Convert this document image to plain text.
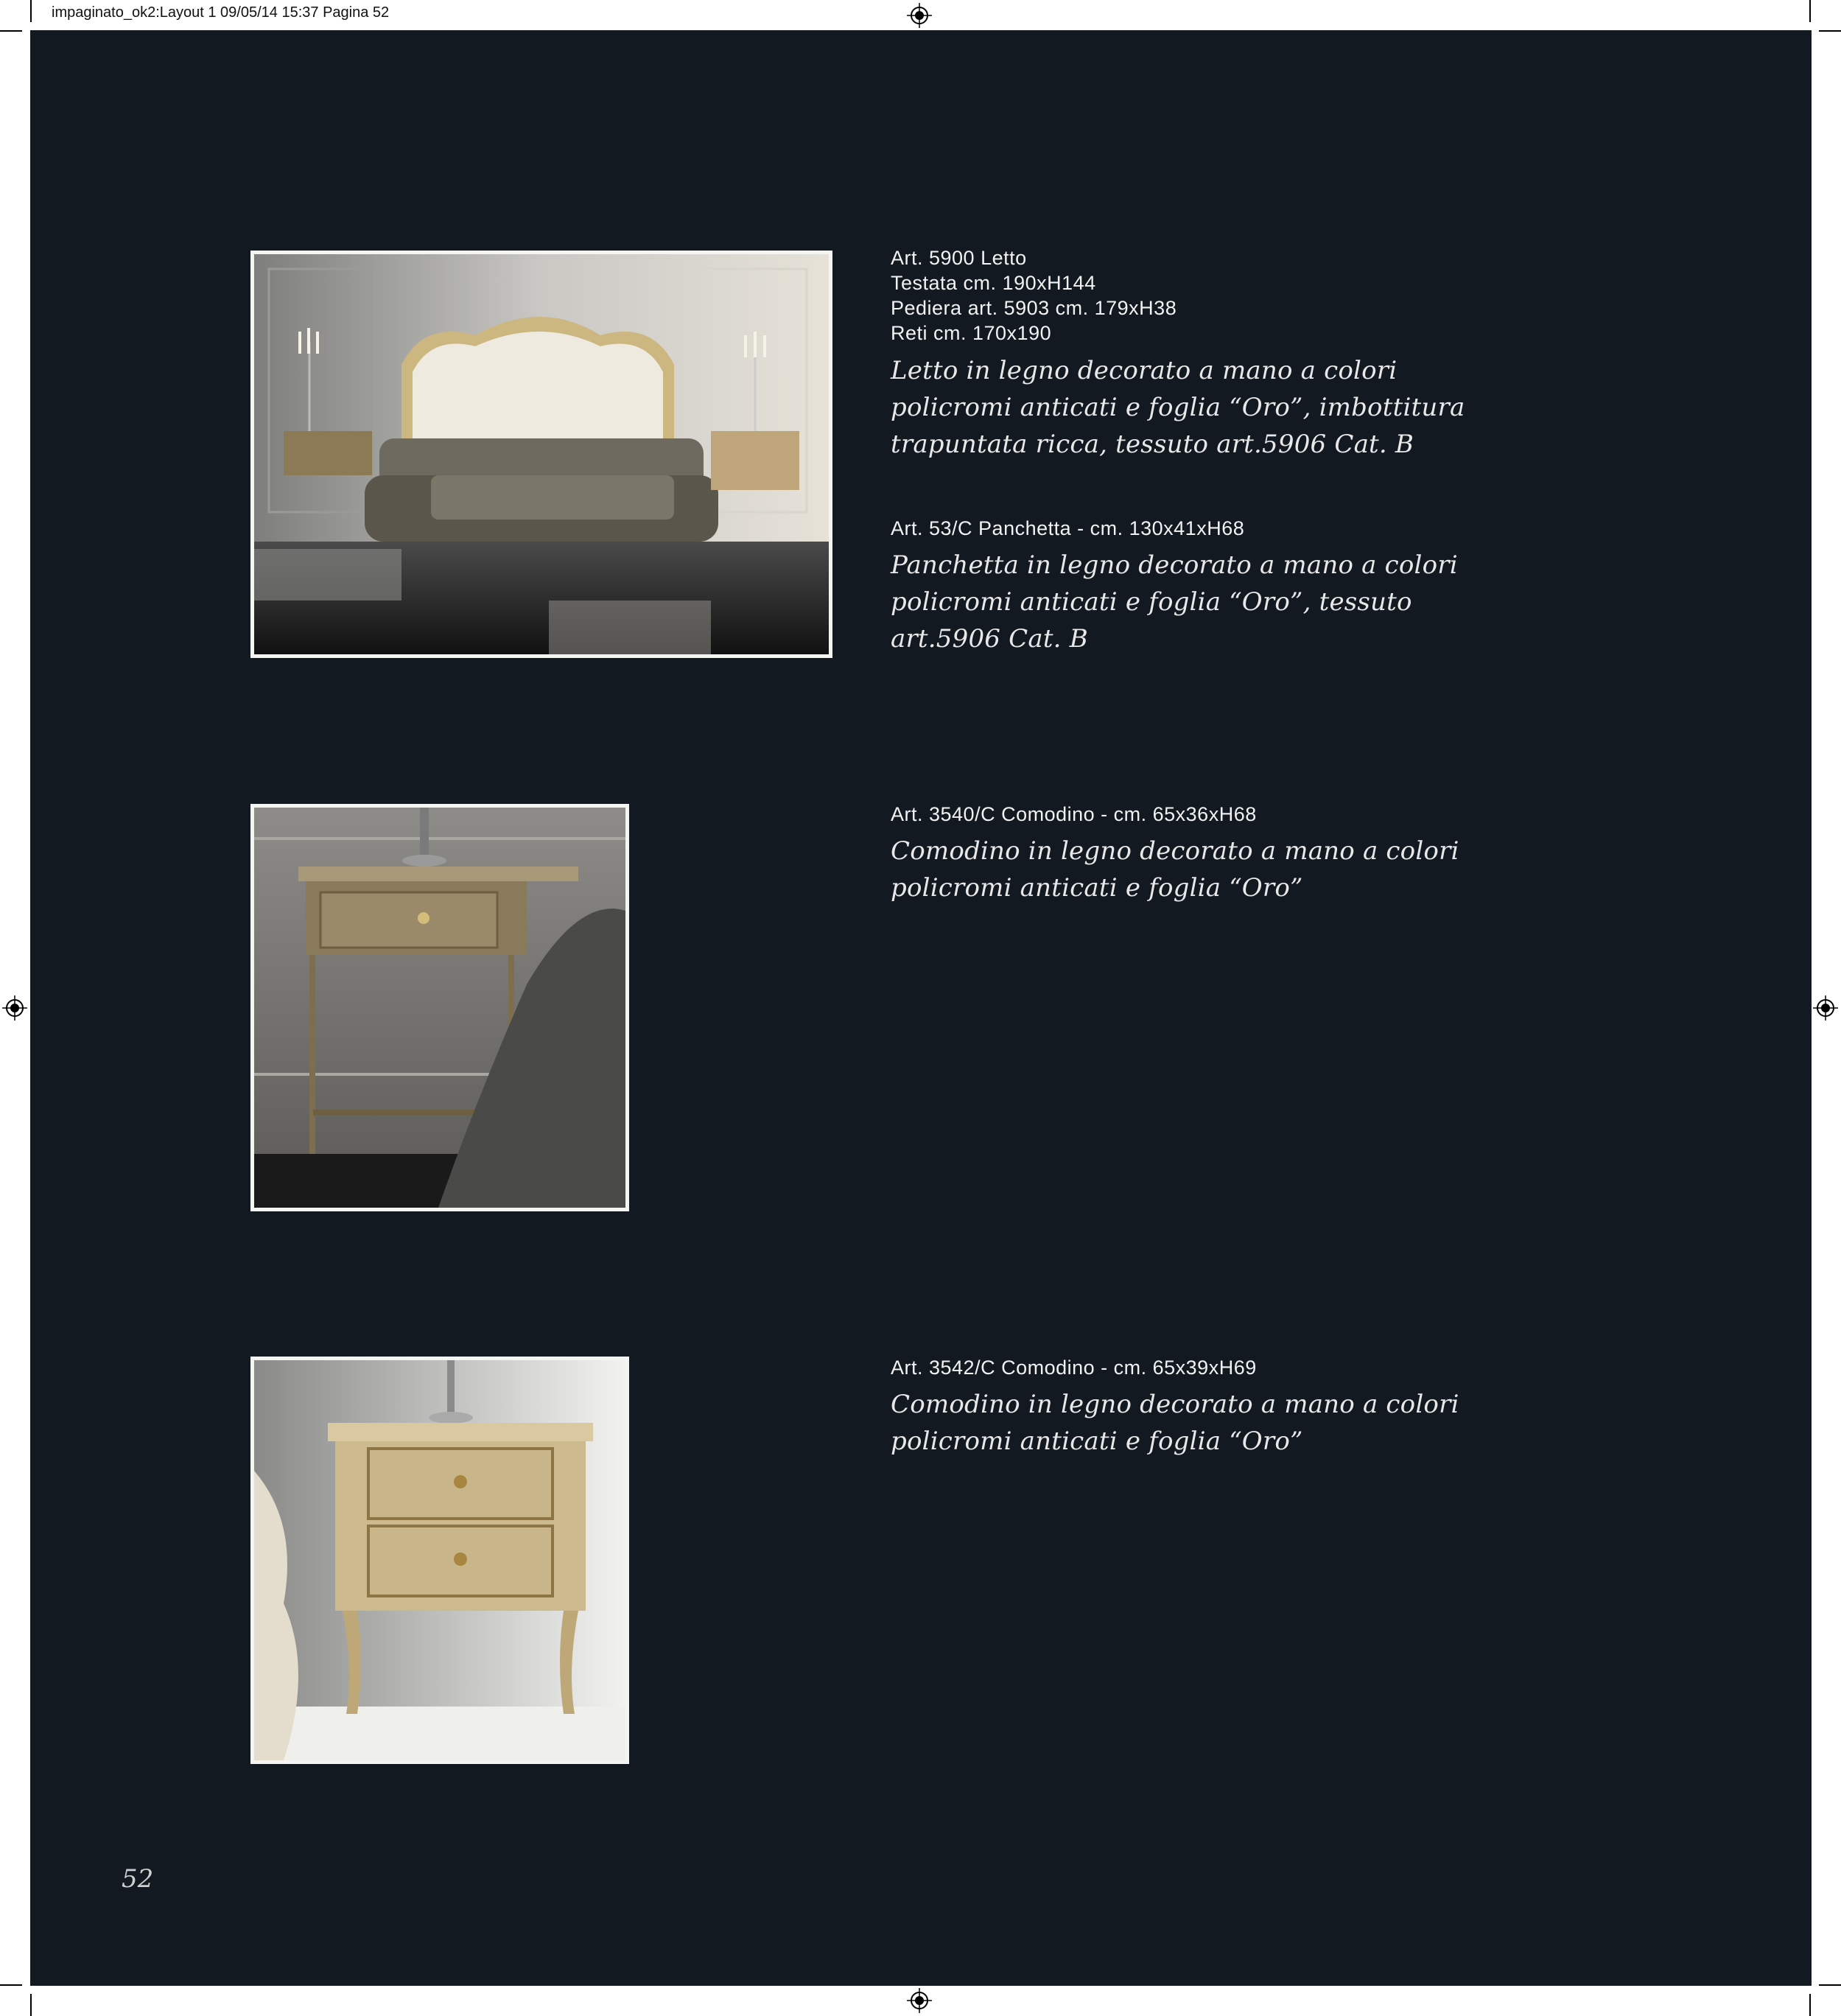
impaginato_ok2:Layout 1 09/05/14 15:37 Pagina 52
Art. 5900 Letto
Testata cm. 190xH144
Pediera art. 5903 cm. 179xH38
Reti cm. 170x190
Letto in legno decorato a mano a colori policromi anticati e foglia “Oro”, imbottitura trapuntata ricca, tessuto art.5906 Cat. B
Art. 53/C Panchetta - cm. 130x41xH68
Panchetta in legno decorato a mano a colori policromi anticati e foglia “Oro”, tessuto art.5906 Cat. B
Art. 3540/C Comodino - cm. 65x36xH68
Comodino in legno decorato a mano a colori policromi anticati e foglia “Oro”
Art. 3542/C Comodino - cm. 65x39xH69
Comodino in legno decorato a mano a colori policromi anticati e foglia “Oro”
52
